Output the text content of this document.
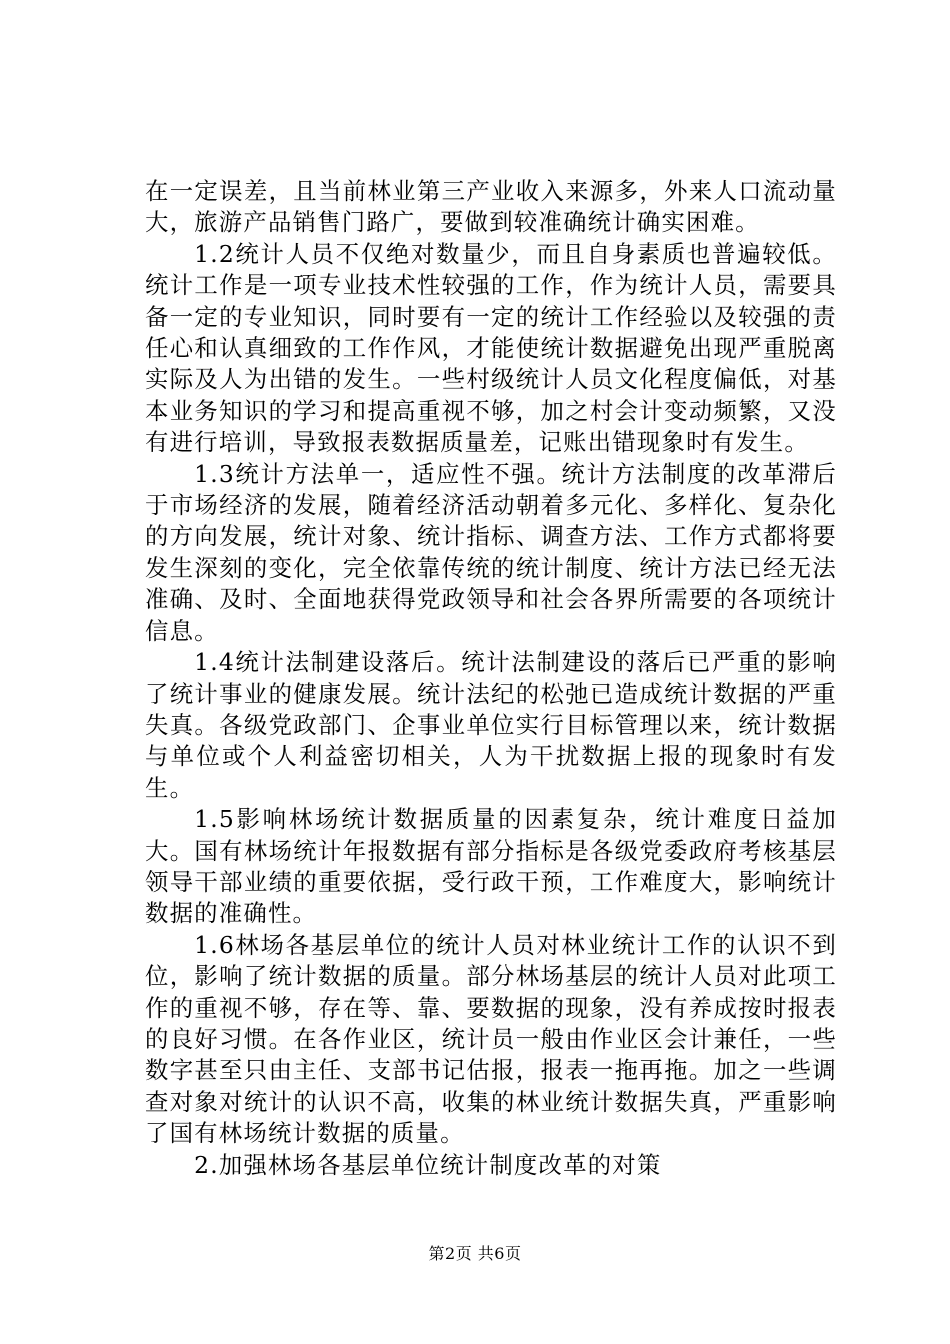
在一定误差，且当前林业第三产业收入来源多，外来人口流动量大，旅游产品销售门路广，要做到较准确统计确实困难。

1.2统计人员不仅绝对数量少，而且自身素质也普遍较低。统计工作是一项专业技术性较强的工作，作为统计人员，需要具备一定的专业知识，同时要有一定的统计工作经验以及较强的责任心和认真细致的工作作风，才能使统计数据避免出现严重脱离实际及人为出错的发生。一些村级统计人员文化程度偏低，对基本业务知识的学习和提高重视不够，加之村会计变动频繁，又没有进行培训，导致报表数据质量差，记账出错现象时有发生。

1.3统计方法单一，适应性不强。统计方法制度的改革滞后于市场经济的发展，随着经济活动朝着多元化、多样化、复杂化的方向发展，统计对象、统计指标、调查方法、工作方式都将要发生深刻的变化，完全依靠传统的统计制度、统计方法已经无法准确、及时、全面地获得党政领导和社会各界所需要的各项统计信息。

1.4统计法制建设落后。统计法制建设的落后已严重的影响了统计事业的健康发展。统计法纪的松弛已造成统计数据的严重失真。各级党政部门、企事业单位实行目标管理以来，统计数据与单位或个人利益密切相关，人为干扰数据上报的现象时有发生。

1.5影响林场统计数据质量的因素复杂，统计难度日益加大。国有林场统计年报数据有部分指标是各级党委政府考核基层领导干部业绩的重要依据，受行政干预，工作难度大，影响统计数据的准确性。

1.6林场各基层单位的统计人员对林业统计工作的认识不到位，影响了统计数据的质量。部分林场基层的统计人员对此项工作的重视不够，存在等、靠、要数据的现象，没有养成按时报表的良好习惯。在各作业区，统计员一般由作业区会计兼任，一些数字甚至只由主任、支部书记估报，报表一拖再拖。加之一些调查对象对统计的认识不高，收集的林业统计数据失真，严重影响了国有林场统计数据的质量。

2.加强林场各基层单位统计制度改革的对策

第2页 共6页
